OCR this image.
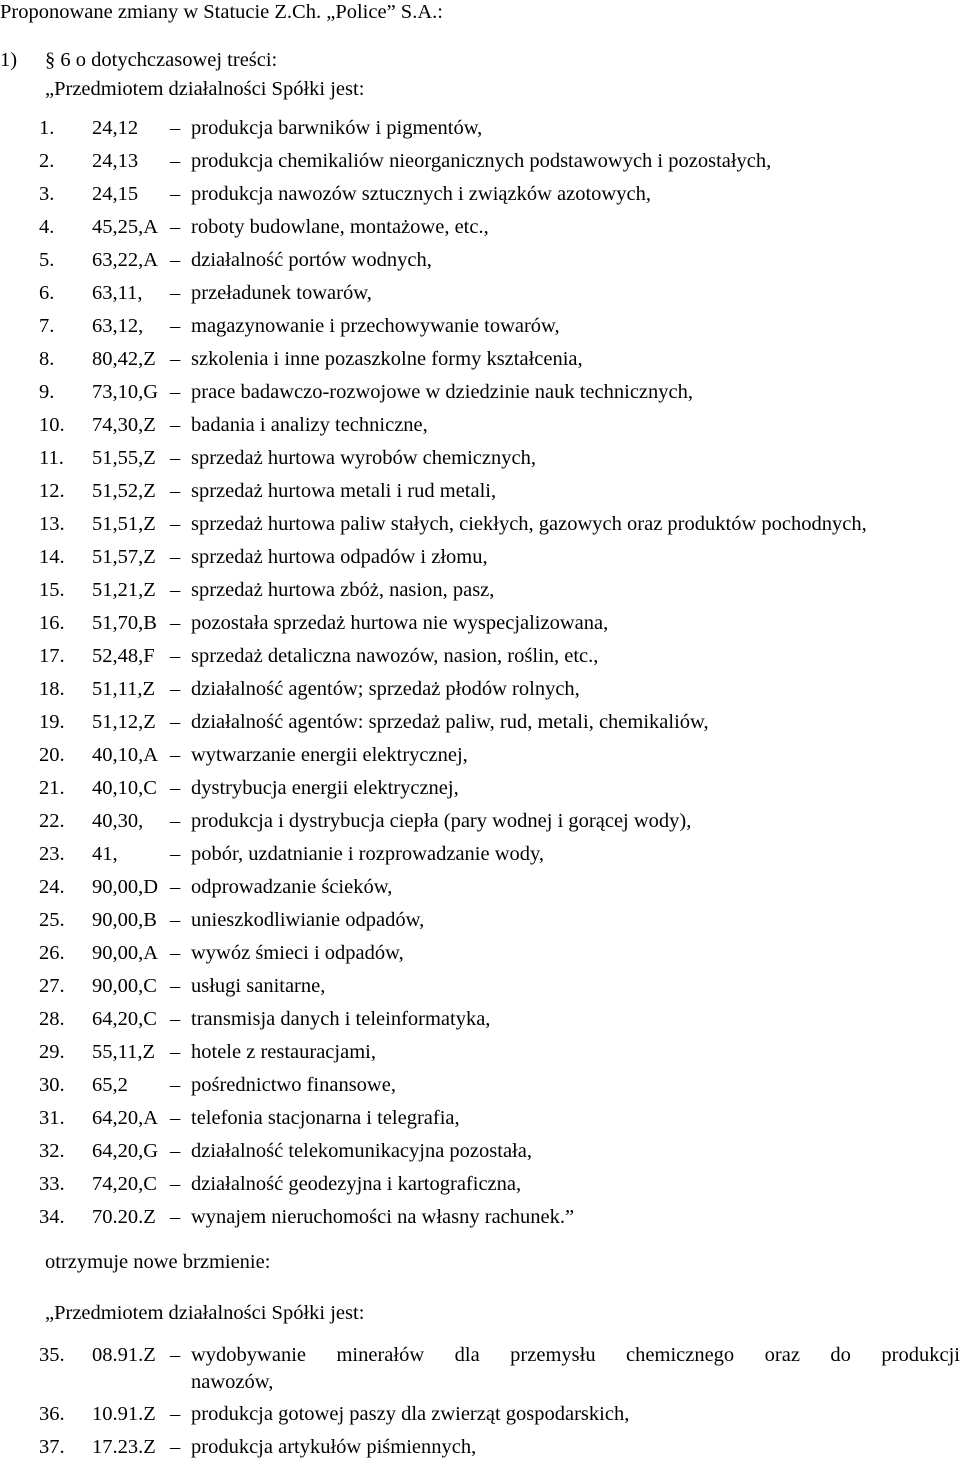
Proponowane zmiany w Statucie Z.Ch. „Police” S.A.:
1) § 6 o dotychczasowej treści:
„Przedmiotem działalności Spółki jest:
1. 24,12 – produkcja barwników i pigmentów,
2. 24,13 – produkcja chemikaliów nieorganicznych podstawowych i pozostałych,
3. 24,15 – produkcja nawozów sztucznych i związków azotowych,
4. 45,25,A – roboty budowlane, montażowe, etc.,
5. 63,22,A – działalność portów wodnych,
6. 63,11, – przeładunek towarów,
7. 63,12, – magazynowanie i przechowywanie towarów,
8. 80,42,Z – szkolenia i inne pozaszkolne formy kształcenia,
9. 73,10,G – prace badawczo-rozwojowe w dziedzinie nauk technicznych,
10. 74,30,Z – badania i analizy techniczne,
11. 51,55,Z – sprzedaż hurtowa wyrobów chemicznych,
12. 51,52,Z – sprzedaż hurtowa metali i rud metali,
13. 51,51,Z – sprzedaż hurtowa paliw stałych, ciekłych, gazowych oraz produktów pochodnych,
14. 51,57,Z – sprzedaż hurtowa odpadów i złomu,
15. 51,21,Z – sprzedaż hurtowa zbóż, nasion, pasz,
16. 51,70,B – pozostała sprzedaż hurtowa nie wyspecjalizowana,
17. 52,48,F – sprzedaż detaliczna nawozów, nasion, roślin, etc.,
18. 51,11,Z – działalność agentów; sprzedaż płodów rolnych,
19. 51,12,Z – działalność agentów: sprzedaż paliw, rud, metali, chemikaliów,
20. 40,10,A – wytwarzanie energii elektrycznej,
21. 40,10,C – dystrybucja energii elektrycznej,
22. 40,30, – produkcja i dystrybucja ciepła (pary wodnej i gorącej wody),
23. 41,	– pobór, uzdatnianie i rozprowadzanie wody,
24. 90,00,D – odprowadzanie ścieków,
25. 90,00,B – unieszkodliwianie odpadów,
26. 90,00,A – wywóz śmieci i odpadów,
27. 90,00,C – usługi sanitarne,
28. 64,20,C – transmisja danych i teleinformatyka,
29. 55,11,Z – hotele z restauracjami,
30. 65,2 – pośrednictwo finansowe,
31. 64,20,A – telefonia stacjonarna i telegrafia,
32. 64,20,G – działalność telekomunikacyjna pozostała,
33. 74,20,C – działalność geodezyjna i kartograficzna,
34. 70.20.Z – wynajem nieruchomości na własny rachunek.”
otrzymuje nowe brzmienie:
„Przedmiotem działalności Spółki jest:
35. 08.91.Z – wydobywanie minerałów dla przemysłu chemicznego oraz do produkcji
nawozów,
36. 10.91.Z – produkcja gotowej paszy dla zwierząt gospodarskich,
37. 17.23.Z – produkcja artykułów piśmiennych,
